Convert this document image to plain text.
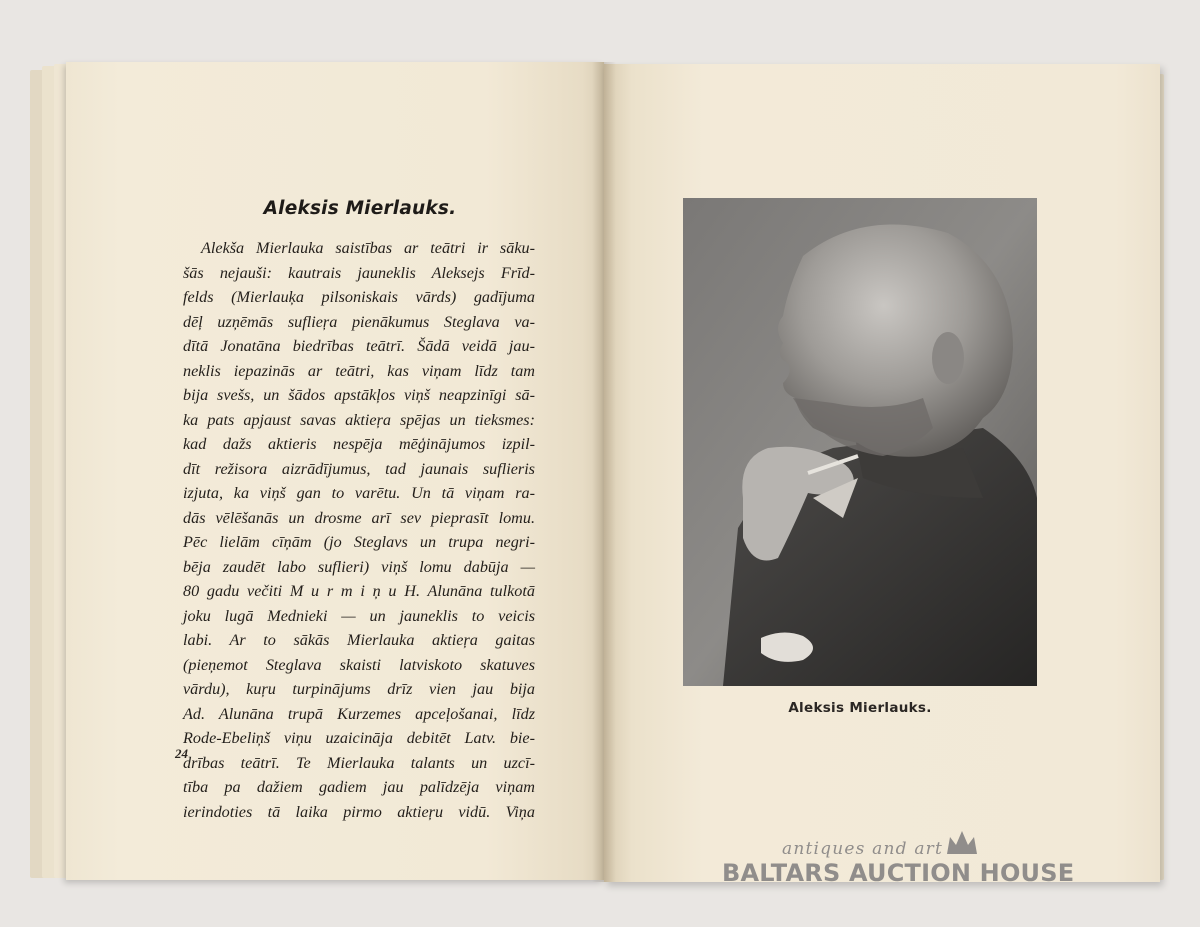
Aleksis Mierlauks.
Alekša Mierlauka saistības ar teātri ir sāku-
šās nejauši: kautrais jauneklis Aleksejs Frīd-
felds (Mierlauķa pilsoniskais vārds) gadījuma
dēļ uzņēmās suflieŗa pienākumus Steglava va-
dītā Jonatāna biedrības teātrī. Šādā veidā jau-
neklis iepazinās ar teātri, kas viņam līdz tam
bija svešs, un šādos apstākļos viņš neapzinīgi sā-
ka pats apjaust savas aktieŗa spējas un tieksmes:
kad dažs aktieris nespēja mēģinājumos izpil-
dīt režisora aizrādījumus, tad jaunais suflieris
izjuta, ka viņš gan to varētu. Un tā viņam ra-
dās vēlēšanās un drosme arī sev pieprasīt lomu.
Pēc lielām cīņām (jo Steglavs un trupa negri-
bēja zaudēt labo suflieri) viņš lomu dabūja —
80 gadu večiti M u r m i ņ u H. Alunāna tulkotā
joku lugā Mednieki — un jauneklis to veicis
labi. Ar to sākās Mierlauka aktieŗa gaitas
(pieņemot Steglava skaisti latviskoto skatuves
vārdu), kuŗu turpinājums drīz vien jau bija
Ad. Alunāna trupā Kurzemes apceļošanai, līdz
Rode-Ebeliņš viņu uzaicināja debitēt Latv. bie-
drības teātrī. Te Mierlauka talants un uzcī-
tība pa dažiem gadiem jau palīdzēja viņam
ierindoties tā laika pirmo aktieŗu vidū. Viņa
24
Aleksis Mierlauks.
antiques and art
BALTARS AUCTION HOUSE
